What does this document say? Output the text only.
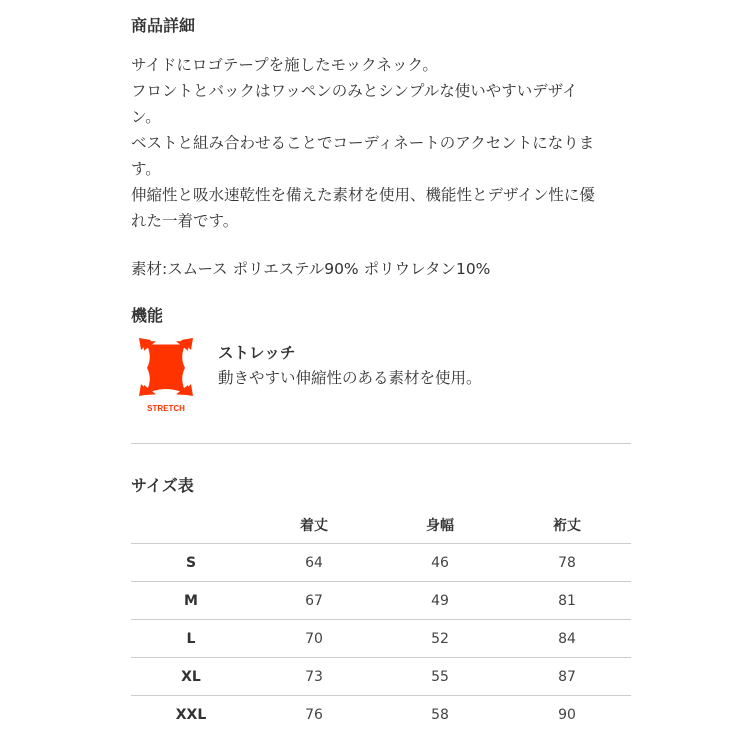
商品詳細

サイドにロゴテープを施したモックネック。

フロントとバックはワッペンのみとシンプルな使いやすいデザイ

ン。

ベストと組み合わせることでコーディネートのアクセントになりま

す。

伸縮性と吸水速乾性を備えた素材を使用、機能性とデザイン性に優

れた一着です。

素材:スムース ポリエステル90% ポリウレタン10%
機能
STRETCH
ストレッチ
動きやすい伸縮性のある素材を使用。
サイズ表
	着丈	身幅	裄丈
S	64	46	78
M	67	49	81
L	70	52	84
XL	73	55	87
XXL	76	58	90
